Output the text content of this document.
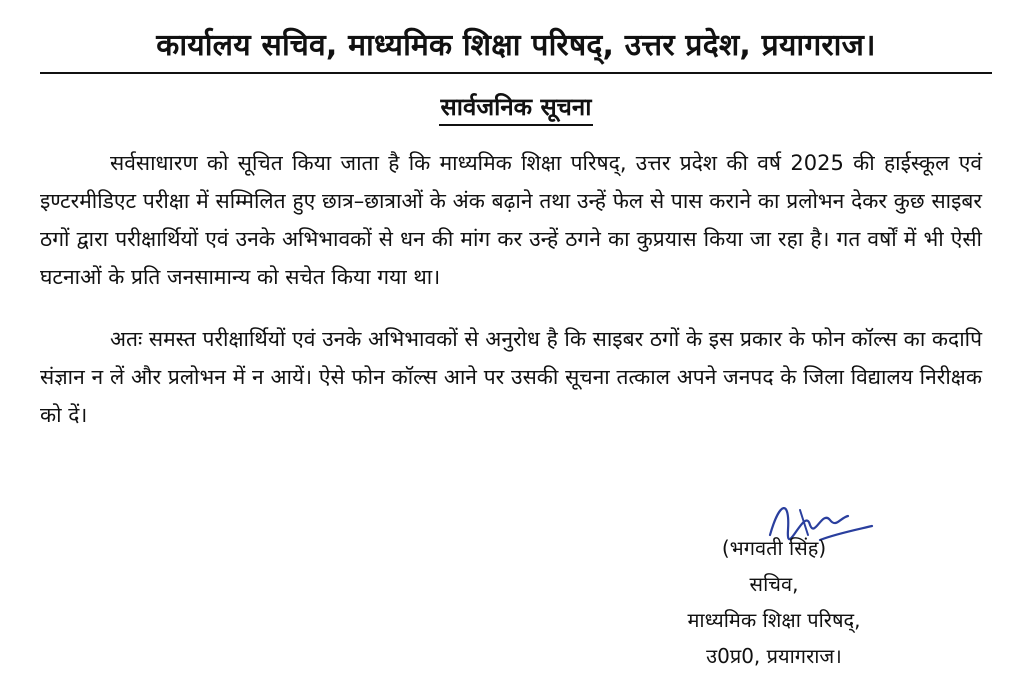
कार्यालय सचिव, माध्यमिक शिक्षा परिषद्, उत्तर प्रदेश, प्रयागराज।
सार्वजनिक सूचना

सर्वसाधारण को सूचित किया जाता है कि माध्यमिक शिक्षा परिषद्, उत्तर प्रदेश की वर्ष 2025 की हाईस्कूल एवं इण्टरमीडिएट परीक्षा में सम्मिलित हुए छात्र–छात्राओं के अंक बढ़ाने तथा उन्हें फेल से पास कराने का प्रलोभन देकर कुछ साइबर ठगों द्वारा परीक्षार्थियों एवं उनके अभिभावकों से धन की मांग कर उन्हें ठगने का कुप्रयास किया जा रहा है। गत वर्षों में भी ऐसी घटनाओं के प्रति जनसामान्य को सचेत किया गया था।

अतः समस्त परीक्षार्थियों एवं उनके अभिभावकों से अनुरोध है कि साइबर ठगों के इस प्रकार के फोन कॉल्स का कदापि संज्ञान न लें और प्रलोभन में न आयें। ऐसे फोन कॉल्स आने पर उसकी सूचना तत्काल अपने जनपद के जिला विद्यालय निरीक्षक को दें।

(भगवती सिंह)
सचिव,
माध्यमिक शिक्षा परिषद्,
उ0प्र0, प्रयागराज।
